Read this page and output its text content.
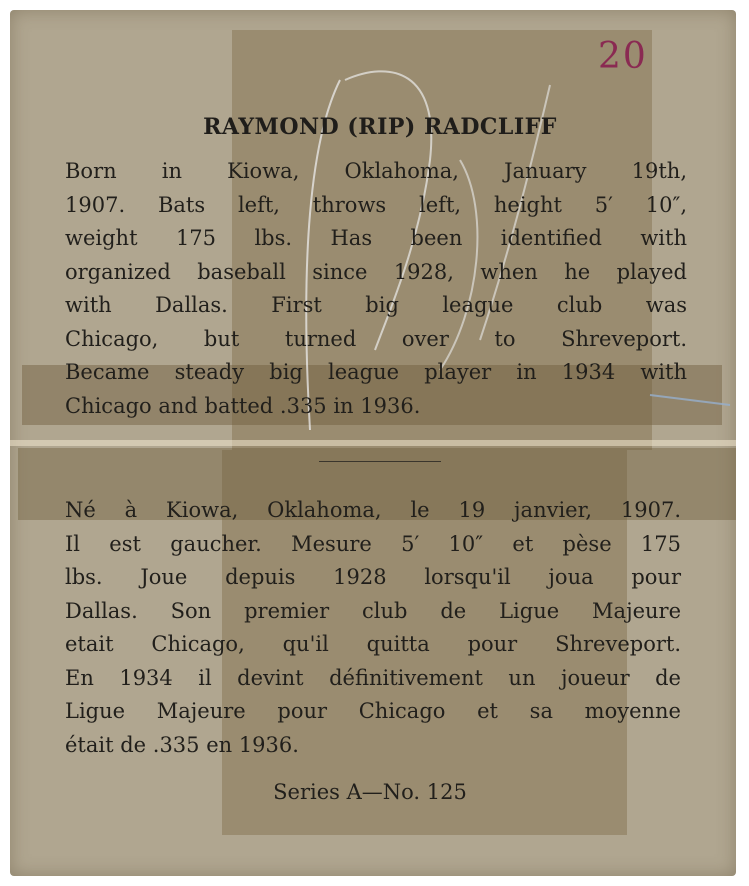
20
RAYMOND (RIP) RADCLIFF
Born in Kiowa, Oklahoma, January 19th,
1907. Bats left, throws left, height 5′ 10″,
weight 175 lbs. Has been identified with
organized baseball since 1928, when he played
with Dallas. First big league club was
Chicago, but turned over to Shreveport.
Became steady big league player in 1934 with
Chicago and batted .335 in 1936.
Né à Kiowa, Oklahoma, le 19 janvier, 1907.
Il est gaucher. Mesure 5′ 10″ et pèse 175
lbs. Joue depuis 1928 lorsqu'il joua pour
Dallas. Son premier club de Ligue Majeure
etait Chicago, qu'il quitta pour Shreveport.
En 1934 il devint définitivement un joueur de
Ligue Majeure pour Chicago et sa moyenne
était de .335 en 1936.
Series A—No. 125
